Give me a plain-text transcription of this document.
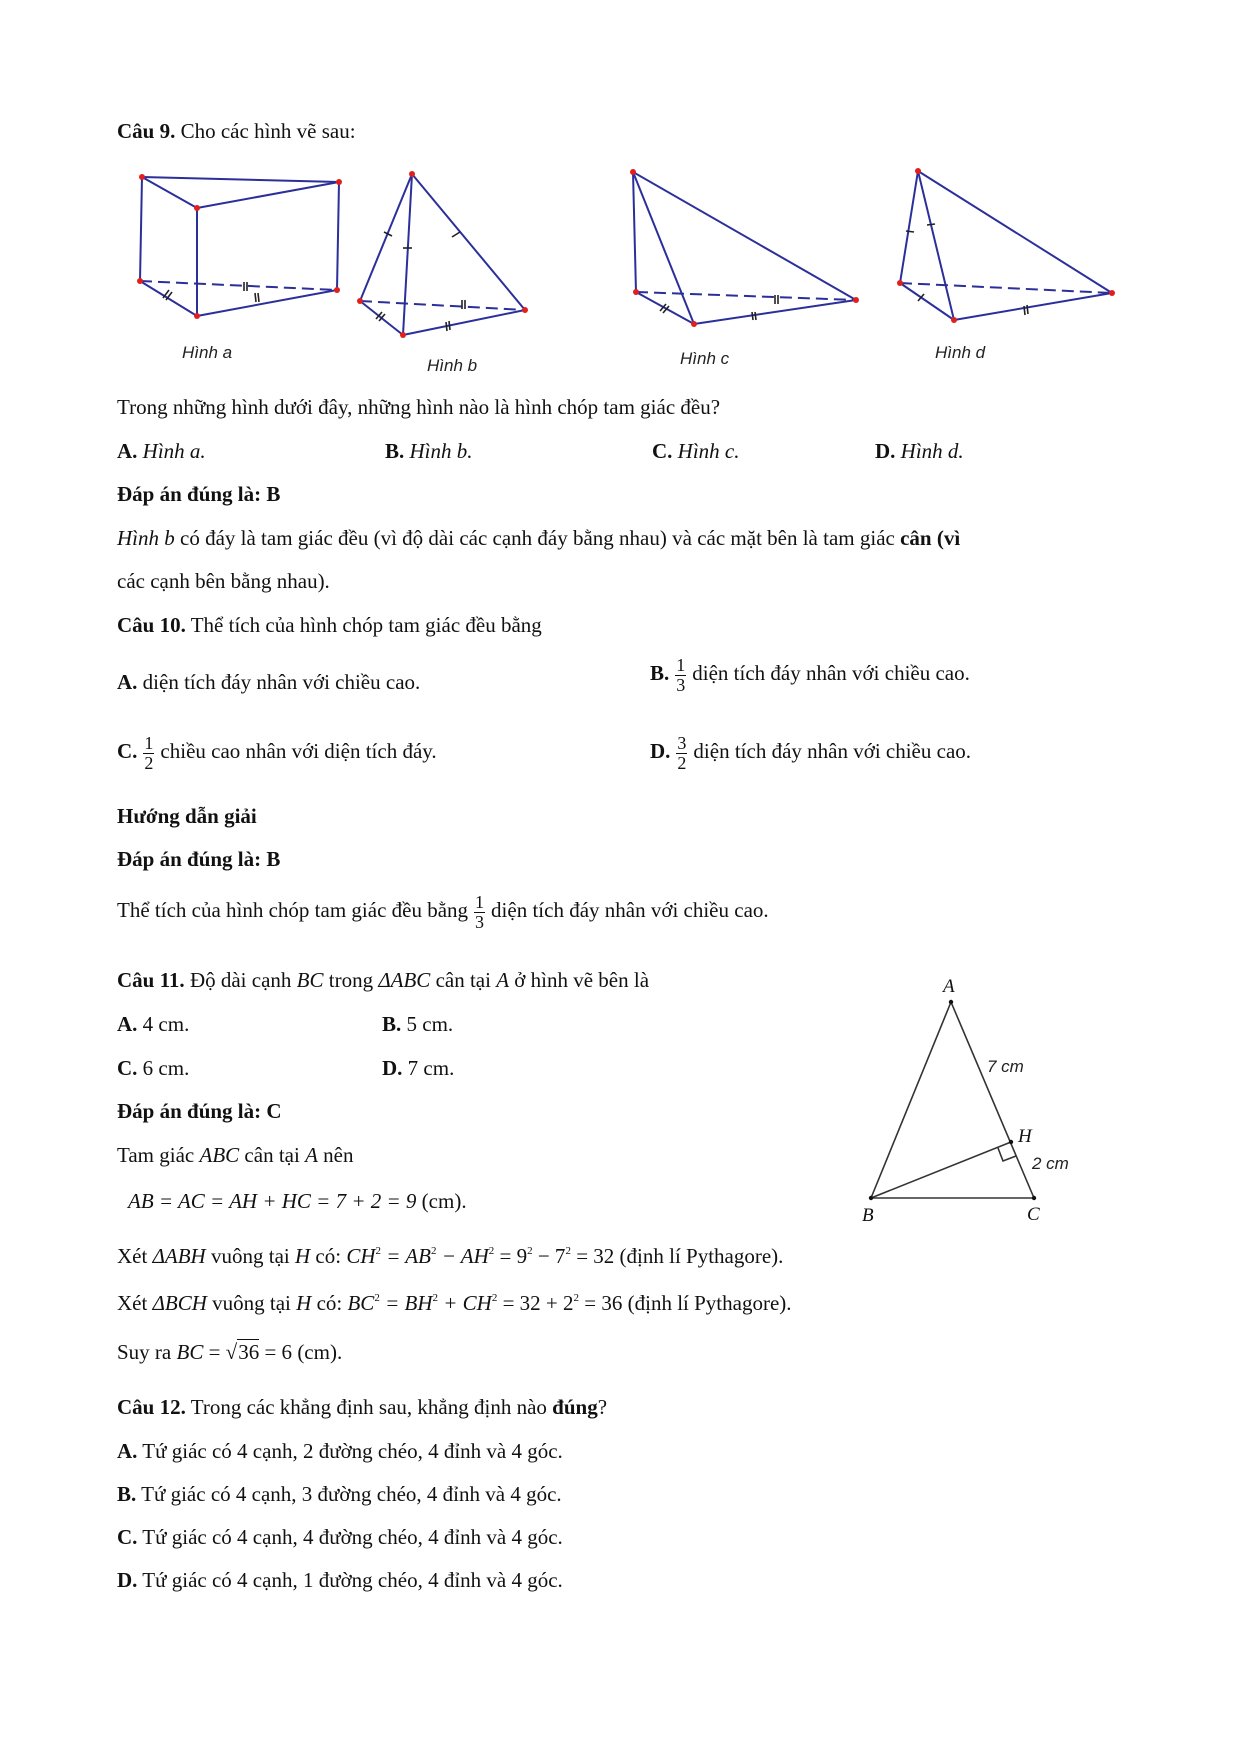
Câu 9. Cho các hình vẽ sau:
Hình a
Hình b	Hình c	Hình d
Trong những hình dưới đây, những hình nào là hình chóp tam giác đều?
A. Hình a.	B. Hình b.	C. Hình c.	D. Hình d.
Đáp án đúng là: B
Hình b có đáy là tam giác đều (vì độ dài các cạnh đáy bằng nhau) và các mặt bên là tam giác cân (vì
các cạnh bên bằng nhau).
Câu 10. Thể tích của hình chóp tam giác đều bằng
A. diện tích đáy nhân với chiều cao.	B. $\frac{1}{3}$ diện tích đáy nhân với chiều cao.
C. $\frac{1}{2}$ chiều cao nhân với diện tích đáy.	D. $\frac{3}{2}$ diện tích đáy nhân với chiều cao.
Hướng dẫn giải
Đáp án đúng là: B
Thể tích của hình chóp tam giác đều bằng $\frac{1}{3}$ diện tích đáy nhân với chiều cao.
Câu 11. Độ dài cạnh BC trong ΔABC cân tại A ở hình vẽ bên là
A. 4 cm.	B. 5 cm.
C. 6 cm.	D. 7 cm.
Đáp án đúng là: C
Tam giác ABC cân tại A nên
AB = AC = AH + HC = 7 + 2 = 9 (cm).
Xét ΔABH vuông tại H có: $CH^2 = AB^2 - AH^2 = 9^2 - 7^2 = 32$ (định lí Pythagore).
Xét ΔBCH vuông tại H có: $BC^2 = BH^2 + CH^2 = 32 + 2^2 = 36$ (định lí Pythagore).
Suy ra BC = √36 = 6 (cm).
A
B	C
H
7 cm
2 cm
Câu 12. Trong các khẳng định sau, khẳng định nào đúng?
A. Tứ giác có 4 cạnh, 2 đường chéo, 4 đỉnh và 4 góc.
B. Tứ giác có 4 cạnh, 3 đường chéo, 4 đỉnh và 4 góc.
C. Tứ giác có 4 cạnh, 4 đường chéo, 4 đỉnh và 4 góc.
D. Tứ giác có 4 cạnh, 1 đường chéo, 4 đỉnh và 4 góc.
